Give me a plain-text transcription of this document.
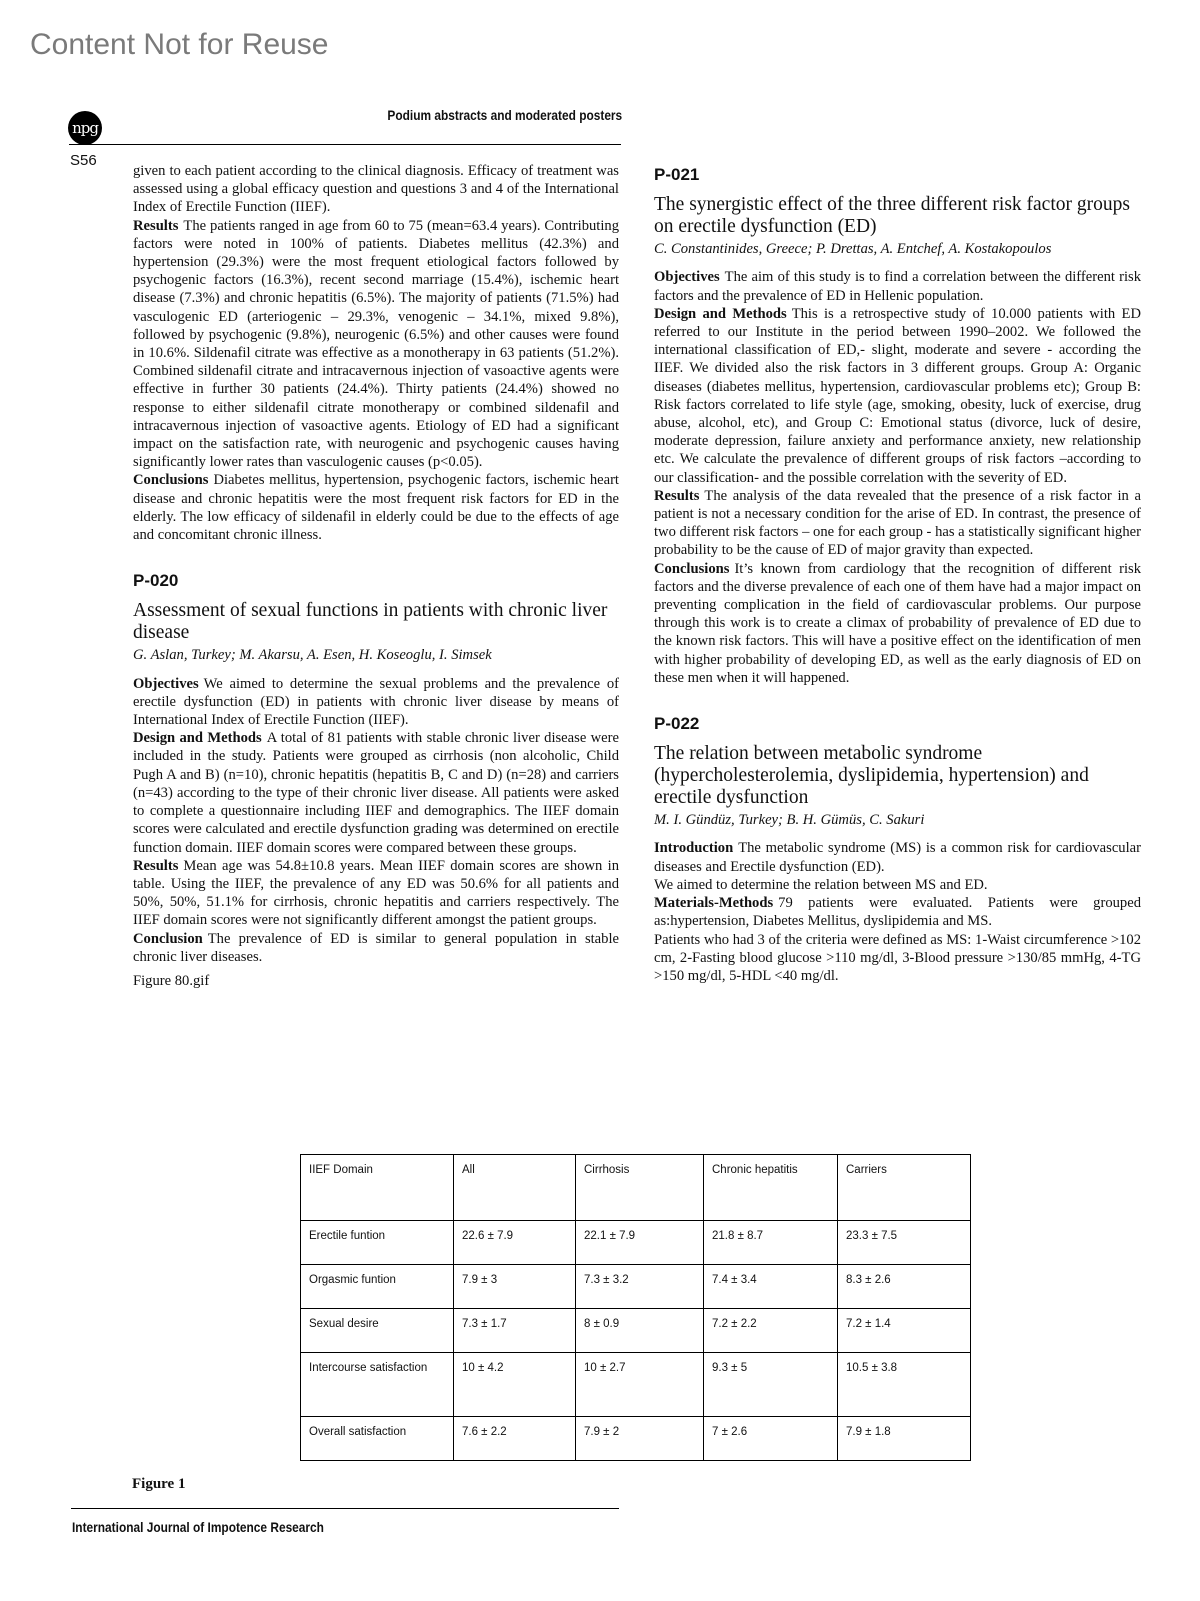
Content Not for Reuse
npg
Podium abstracts and moderated posters
S56

given to each patient according to the clinical diagnosis. Efficacy of treatment was assessed using a global efficacy question and questions 3 and 4 of the International Index of Erectile Function (IIEF).

Results The patients ranged in age from 60 to 75 (mean=63.4 years). Contributing factors were noted in 100% of patients. Diabetes mellitus (42.3%) and hypertension (29.3%) were the most frequent etiological factors followed by psychogenic factors (16.3%), recent second marriage (15.4%), ischemic heart disease (7.3%) and chronic hepatitis (6.5%). The majority of patients (71.5%) had vasculogenic ED (arteriogenic – 29.3%, venogenic – 34.1%, mixed 9.8%), followed by psychogenic (9.8%), neurogenic (6.5%) and other causes were found in 10.6%. Sildenafil citrate was effective as a monotherapy in 63 patients (51.2%). Combined sildenafil citrate and intracavernous injection of vasoactive agents were effective in further 30 patients (24.4%). Thirty patients (24.4%) showed no response to either sildenafil citrate monotherapy or combined sildenafil and intracavernous injection of vasoactive agents. Etiology of ED had a significant impact on the satisfaction rate, with neurogenic and psychogenic causes having significantly lower rates than vasculogenic causes (p<0.05).

Conclusions Diabetes mellitus, hypertension, psychogenic factors, ischemic heart disease and chronic hepatitis were the most frequent risk factors for ED in the elderly. The low efficacy of sildenafil in elderly could be due to the effects of age and concomitant chronic illness.

P-020
Assessment of sexual functions in patients with chronic liver disease
G. Aslan, Turkey; M. Akarsu, A. Esen, H. Koseoglu, I. Simsek

Objectives We aimed to determine the sexual problems and the prevalence of erectile dysfunction (ED) in patients with chronic liver disease by means of International Index of Erectile Function (IIEF).

Design and Methods A total of 81 patients with stable chronic liver disease were included in the study. Patients were grouped as cirrhosis (non alcoholic, Child Pugh A and B) (n=10), chronic hepatitis (hepatitis B, C and D) (n=28) and carriers (n=43) according to the type of their chronic liver disease. All patients were asked to complete a questionnaire including IIEF and demographics. The IIEF domain scores were calculated and erectile dysfunction grading was determined on erectile function domain. IIEF domain scores were compared between these groups.

Results Mean age was 54.8±10.8 years. Mean IIEF domain scores are shown in table. Using the IIEF, the prevalence of any ED was 50.6% for all patients and 50%, 50%, 51.1% for cirrhosis, chronic hepatitis and carriers respectively. The IIEF domain scores were not significantly different amongst the patient groups.

Conclusion The prevalence of ED is similar to general population in stable chronic liver diseases.

Figure 80.gif

P-021
The synergistic effect of the three different risk factor groups on erectile dysfunction (ED)
C. Constantinides, Greece; P. Drettas, A. Entchef, A. Kostakopoulos

Objectives The aim of this study is to find a correlation between the different risk factors and the prevalence of ED in Hellenic population.

Design and Methods This is a retrospective study of 10.000 patients with ED referred to our Institute in the period between 1990–2002. We followed the international classification of ED,- slight, moderate and severe - according the IIEF. We divided also the risk factors in 3 different groups. Group A: Organic diseases (diabetes mellitus, hypertension, cardiovascular problems etc); Group B: Risk factors correlated to life style (age, smoking, obesity, luck of exercise, drug abuse, alcohol, etc), and Group C: Emotional status (divorce, luck of desire, moderate depression, failure anxiety and performance anxiety, new relationship etc. We calculate the prevalence of different groups of risk factors –according to our classification- and the possible correlation with the severity of ED.

Results The analysis of the data revealed that the presence of a risk factor in a patient is not a necessary condition for the arise of ED. In contrast, the presence of two different risk factors – one for each group - has a statistically significant higher probability to be the cause of ED of major gravity than expected.

Conclusions It’s known from cardiology that the recognition of different risk factors and the diverse prevalence of each one of them have had a major impact on preventing complication in the field of cardiovascular problems. Our purpose through this work is to create a climax of probability of prevalence of ED due to the known risk factors. This will have a positive effect on the identification of men with higher probability of developing ED, as well as the early diagnosis of ED on these men when it will happened.

P-022
The relation between metabolic syndrome (hypercholesterolemia, dyslipidemia, hypertension) and erectile dysfunction
M. I. Gündüz, Turkey; B. H. Gümüs, C. Sakuri

Introduction The metabolic syndrome (MS) is a common risk for cardiovascular diseases and Erectile dysfunction (ED).

We aimed to determine the relation between MS and ED.

Materials-Methods 79 patients were evaluated. Patients were grouped as:hypertension, Diabetes Mellitus, dyslipidemia and MS.

Patients who had 3 of the criteria were defined as MS: 1-Waist circumference >102 cm, 2-Fasting blood glucose >110 mg/dl, 3-Blood pressure >130/85 mmHg, 4-TG >150 mg/dl, 5-HDL <40 mg/dl.

IIEF Domain	All	Cirrhosis	Chronic hepatitis	Carriers
Erectile funtion	22.6 ± 7.9	22.1 ± 7.9	21.8 ± 8.7	23.3 ± 7.5
Orgasmic funtion	7.9 ± 3	7.3 ± 3.2	7.4 ± 3.4	8.3 ± 2.6
Sexual desire	7.3 ± 1.7	8 ± 0.9	7.2 ± 2.2	7.2 ± 1.4
Intercourse satisfaction	10 ± 4.2	10 ± 2.7	9.3 ± 5	10.5 ± 3.8
Overall satisfaction	7.6 ± 2.2	7.9 ± 2	7 ± 2.6	7.9 ± 1.8
Figure 1
International Journal of Impotence Research
